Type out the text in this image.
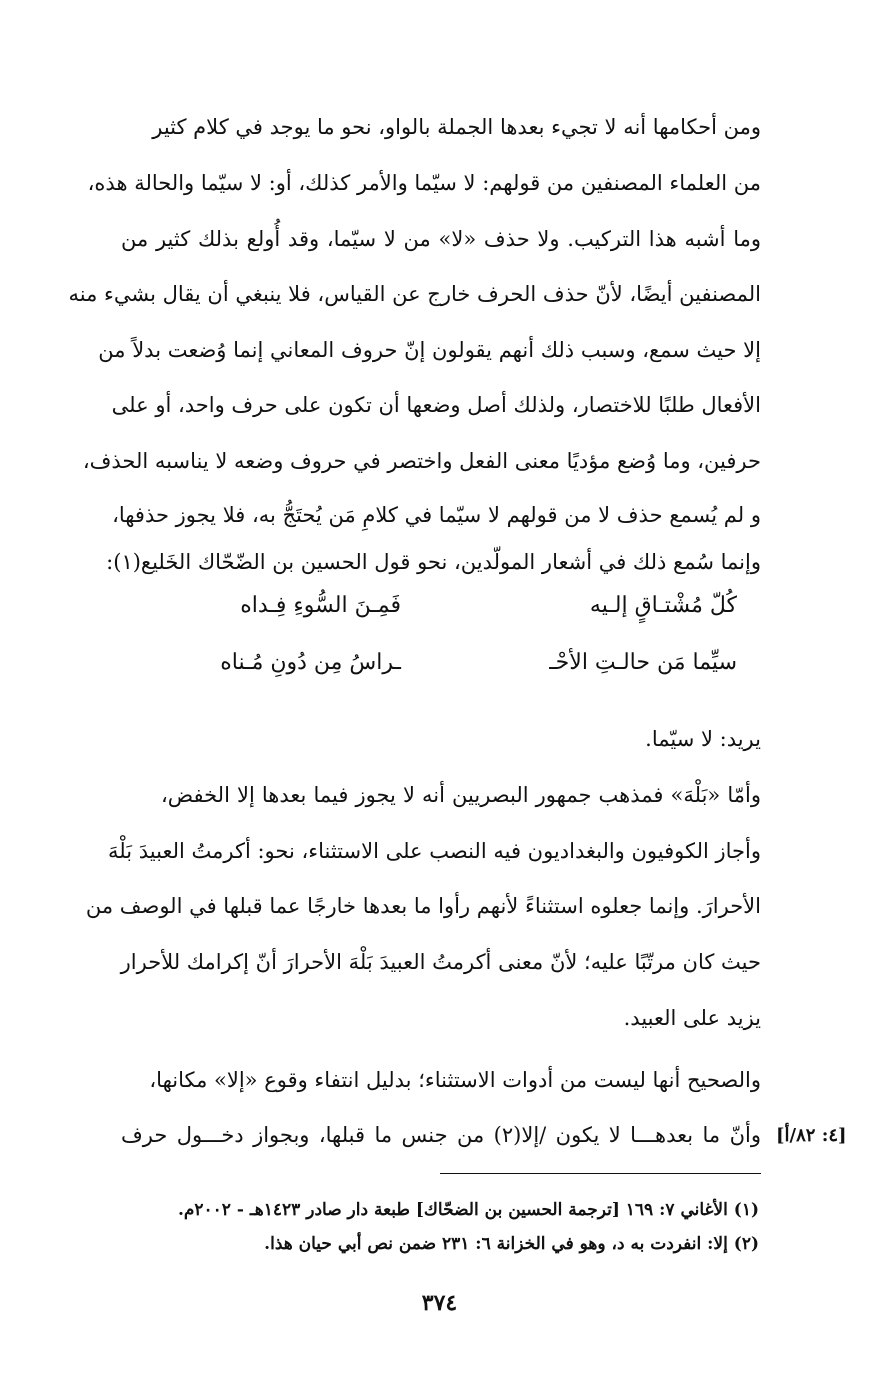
ومن أحكامها أنه لا تجيء بعدها الجملة بالواو، نحو ما يوجد في كلام كثير
من العلماء المصنفين من قولهم: لا سيّما والأمر كذلك، أو: لا سيّما والحالة هذه،
وما أشبه هذا التركيب. ولا حذف «لا» من لا سيّما، وقد أُولع بذلك كثير من
المصنفين أيضًا، لأنّ حذف الحرف خارج عن القياس، فلا ينبغي أن يقال بشيء منه
إلا حيث سمع، وسبب ذلك أنهم يقولون إنّ حروف المعاني إنما وُضعت بدلاً من
الأفعال طلبًا للاختصار، ولذلك أصل وضعها أن تكون على حرف واحد، أو على
حرفين، وما وُضع مؤديًا معنى الفعل واختصر في حروف وضعه لا يناسبه الحذف،
و لم يُسمع حذف لا من قولهم لا سيّما في كلامِ مَن يُحتَجُّ به، فلا يجوز حذفها،
وإنما سُمع ذلك في أشعار المولّدين، نحو قول الحسين بن الضّحّاك الخَليع(١):
كُلّ مُشْتـاقٍ إلـيه
فَمِـنَ السُّوءِ فِـداه
سيِّما مَن حالـتِ الأحْـ
ـراسُ مِن دُونِ مُـناه
يريد: لا سيّما.
وأمّا «بَلْهَ» فمذهب جمهور البصريين أنه لا يجوز فيما بعدها إلا الخفض،
وأجاز الكوفيون والبغداديون فيه النصب على الاستثناء، نحو: أكرمتُ العبيدَ بَلْهَ
الأحرارَ. وإنما جعلوه استثناءً لأنهم رأوا ما بعدها خارجًا عما قبلها في الوصف من
حيث كان مرتّبًا عليه؛ لأنّ معنى أكرمتُ العبيدَ بَلْهَ الأحرارَ أنّ إكرامك للأحرار
يزيد على العبيد.
والصحيح أنها ليست من أدوات الاستثناء؛ بدليل انتفاء وقوع «إلا» مكانها،
وأنّ ما بعدهـــا لا يكون /إلا(٢) من جنس ما قبلها، وبجواز دخـــول حرف [٤: ٨٢/أ]
(١) الأغاني ٧: ١٦٩ [ترجمة الحسين بن الضحّاك] طبعة دار صادر ١٤٢٣هـ - ٢٠٠٢م.
(٢) إلا: انفردت به د، وهو في الخزانة ٦: ٢٣١ ضمن نص أبي حيان هذا.
٣٧٤
